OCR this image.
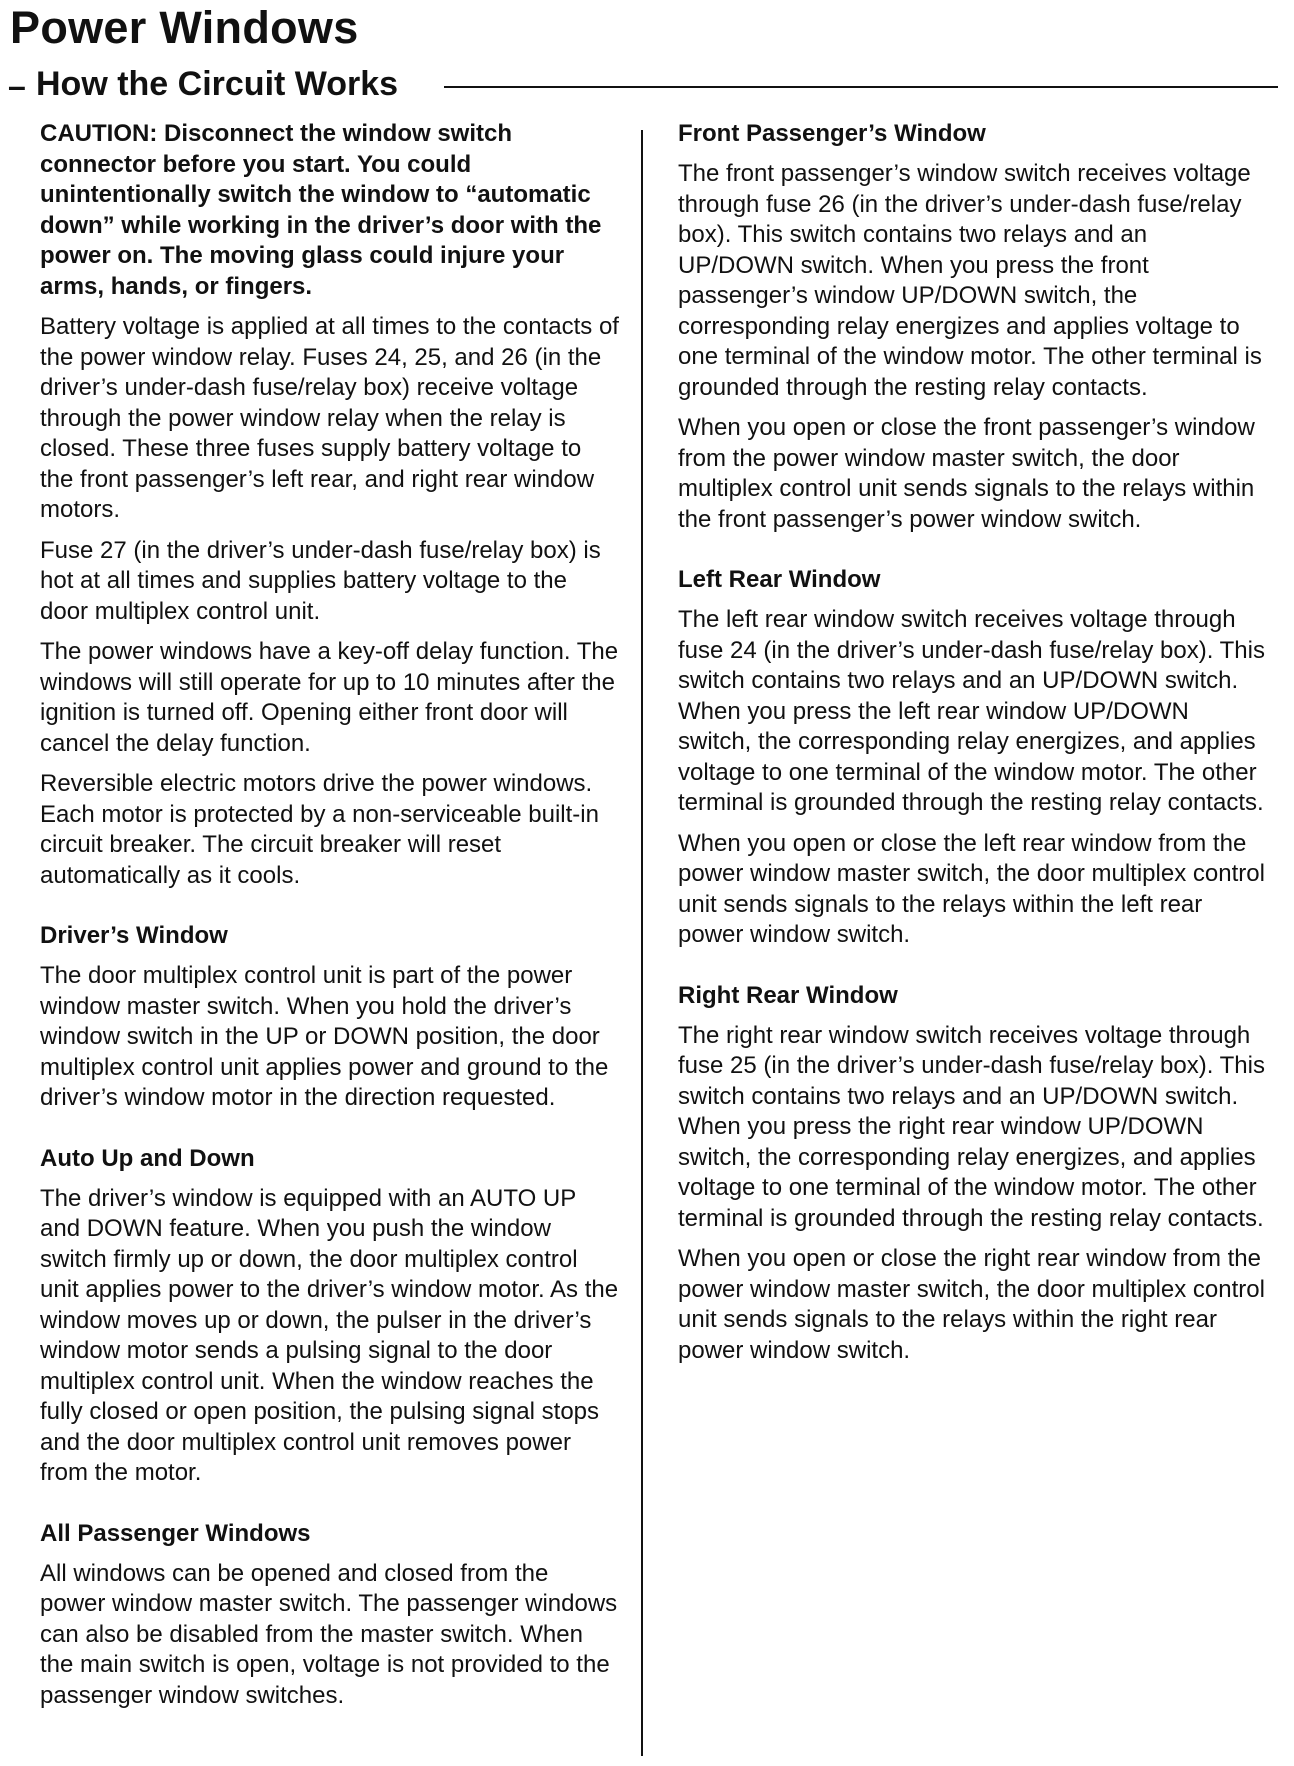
Power Windows
– How the Circuit Works

CAUTION: Disconnect the window switch connector before you start. You could unintentionally switch the window to “automatic down” while working in the driver’s door with the power on. The moving glass could injure your arms, hands, or fingers.

Battery voltage is applied at all times to the contacts of the power window relay. Fuses 24, 25, and 26 (in the driver’s under-dash fuse/relay box) receive voltage through the power window relay when the relay is closed. These three fuses supply battery voltage to the front passenger’s left rear, and right rear window motors.

Fuse 27 (in the driver’s under-dash fuse/relay box) is hot at all times and supplies battery voltage to the door multiplex control unit.

The power windows have a key-off delay function. The windows will still operate for up to 10 minutes after the ignition is turned off. Opening either front door will cancel the delay function.

Reversible electric motors drive the power windows. Each motor is protected by a non-serviceable built-in circuit breaker. The circuit breaker will reset automatically as it cools.

Driver’s Window

The door multiplex control unit is part of the power window master switch. When you hold the driver’s window switch in the UP or DOWN position, the door multiplex control unit applies power and ground to the driver’s window motor in the direction requested.

Auto Up and Down

The driver’s window is equipped with an AUTO UP and DOWN feature. When you push the window switch firmly up or down, the door multiplex control unit applies power to the driver’s window motor. As the window moves up or down, the pulser in the driver’s window motor sends a pulsing signal to the door multiplex control unit. When the window reaches the fully closed or open position, the pulsing signal stops and the door multiplex control unit removes power from the motor.

All Passenger Windows

All windows can be opened and closed from the power window master switch. The passenger windows can also be disabled from the master switch. When the main switch is open, voltage is not provided to the passenger window switches.

Front Passenger’s Window

The front passenger’s window switch receives voltage through fuse 26 (in the driver’s under-dash fuse/relay box). This switch contains two relays and an UP/DOWN switch. When you press the front passenger’s window UP/DOWN switch, the corresponding relay energizes and applies voltage to one terminal of the window motor. The other terminal is grounded through the resting relay contacts.

When you open or close the front passenger’s window from the power window master switch, the door multiplex control unit sends signals to the relays within the front passenger’s power window switch.

Left Rear Window

The left rear window switch receives voltage through fuse 24 (in the driver’s under-dash fuse/relay box). This switch contains two relays and an UP/DOWN switch. When you press the left rear window UP/DOWN switch, the corresponding relay energizes, and applies voltage to one terminal of the window motor. The other terminal is grounded through the resting relay contacts.

When you open or close the left rear window from the power window master switch, the door multiplex control unit sends signals to the relays within the left rear power window switch.

Right Rear Window

The right rear window switch receives voltage through fuse 25 (in the driver’s under-dash fuse/relay box). This switch contains two relays and an UP/DOWN switch. When you press the right rear window UP/DOWN switch, the corresponding relay energizes, and applies voltage to one terminal of the window motor. The other terminal is grounded through the resting relay contacts.

When you open or close the right rear window from the power window master switch, the door multiplex control unit sends signals to the relays within the right rear power window switch.
